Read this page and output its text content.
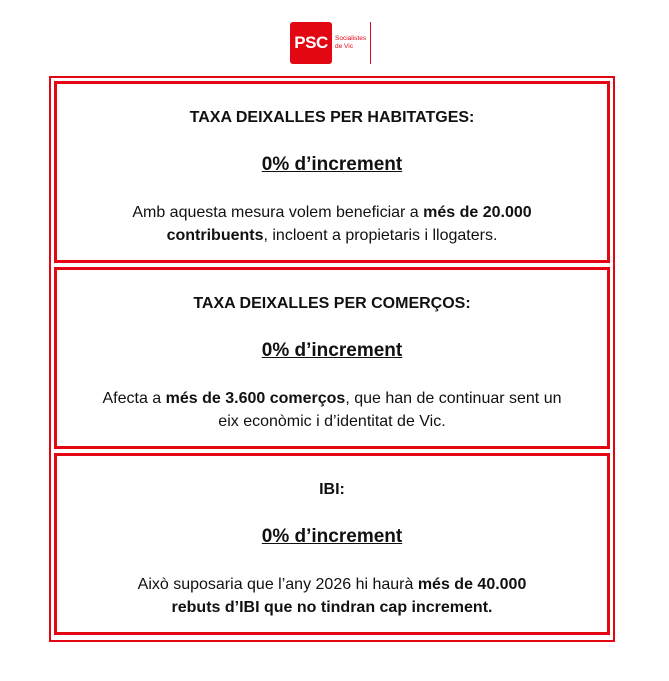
PSC	Socialistes
de Vic
TAXA DEIXALLES PER HABITATGES:
0% d’increment
Amb aquesta mesura volem beneficiar a més de 20.000 contribuents, incloent a propietaris i llogaters.
TAXA DEIXALLES PER COMERÇOS:
0% d’increment
Afecta a més de 3.600 comerços, que han de continuar sent un eix econòmic i d’identitat de Vic.
IBI:
0% d’increment
Això suposaria que l’any 2026 hi haurà més de 40.000 rebuts d’IBI que no tindran cap increment.
